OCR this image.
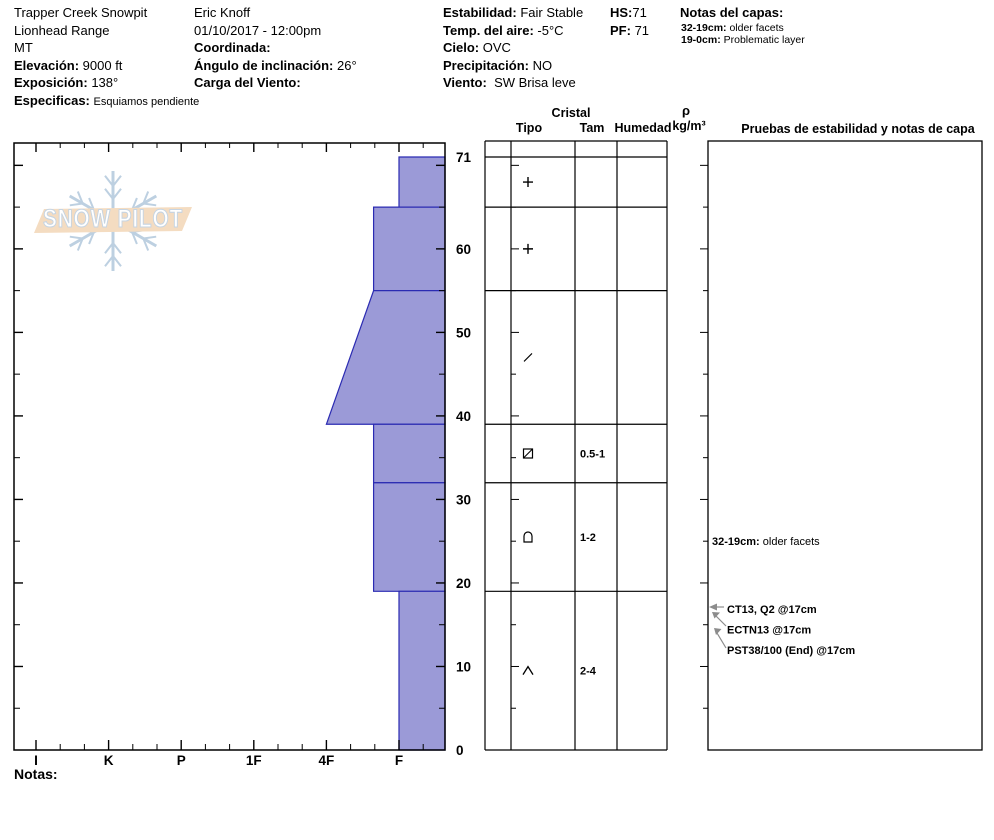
SNOW PILOT
0.5-1
1-2
2-4
71
60
50
40
30
20
10
0
I	K	P	1F	4F	F
32-19cm: older facets
CT13, Q2 @17cm
ECTN13 @17cm
PST38/100 (End) @17cm
Trapper Creek Snowpit
Lionhead Range
MT
Elevación: 9000 ft
Exposición: 138°
Especificas: Esquiamos pendiente
Eric Knoff
01/10/2017 - 12:00pm
Coordinada:
Ángulo de inclinación: 26°
Carga del Viento:
Estabilidad: Fair Stable
Temp. del aire: -5°C
Cielo: OVC
Precipitación: NO
Viento: SW Brisa leve
HS:71
PF: 71
Notas del capas:
32-19cm: older facets
19-0cm: Problematic layer
Cristal
Tipo	Tam Humedad
ρ
kg/m³	Pruebas de estabilidad y notas de capa
Notas:
